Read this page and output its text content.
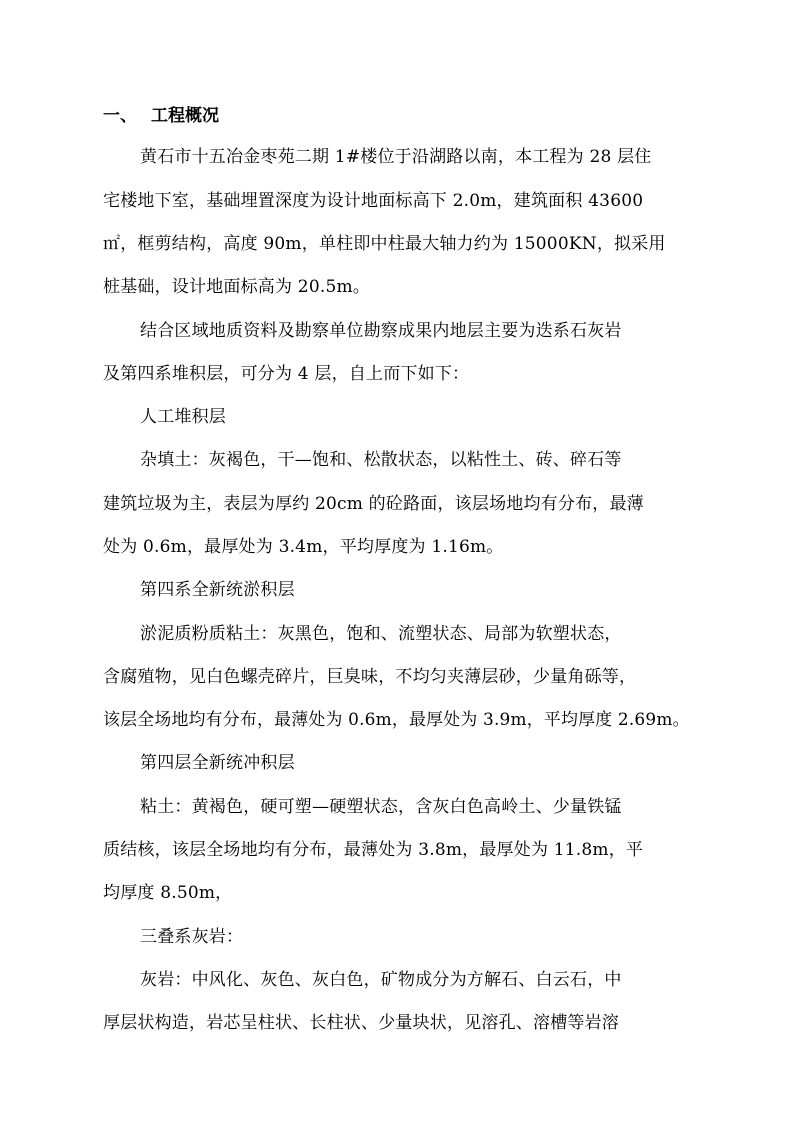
一、 工程概况
黄石市十五冶金枣苑二期 1#楼位于沿湖路以南，本工程为 28 层住
宅楼地下室，基础埋置深度为设计地面标高下 2.0m，建筑面积 43600
㎡，框剪结构，高度 90m，单柱即中柱最大轴力约为 15000KN，拟采用
桩基础，设计地面标高为 20.5m。
结合区域地质资料及勘察单位勘察成果内地层主要为迭系石灰岩
及第四系堆积层，可分为 4 层，自上而下如下：
人工堆积层
杂填土：灰褐色，干—饱和、松散状态，以粘性土、砖、碎石等
建筑垃圾为主，表层为厚约 20cm 的砼路面，该层场地均有分布，最薄
处为 0.6m，最厚处为 3.4m，平均厚度为 1.16m。
第四系全新统淤积层
淤泥质粉质粘土：灰黑色，饱和、流塑状态、局部为软塑状态，
含腐殖物，见白色螺壳碎片，巨臭味，不均匀夹薄层砂，少量角砾等，
该层全场地均有分布，最薄处为 0.6m，最厚处为 3.9m，平均厚度 2.69m。
第四层全新统冲积层
粘土：黄褐色，硬可塑—硬塑状态，含灰白色高岭土、少量铁锰
质结核，该层全场地均有分布，最薄处为 3.8m，最厚处为 11.8m，平
均厚度 8.50m，
三叠系灰岩：
灰岩：中风化、灰色、灰白色，矿物成分为方解石、白云石，中
厚层状构造，岩芯呈柱状、长柱状、少量块状，见溶孔、溶槽等岩溶
